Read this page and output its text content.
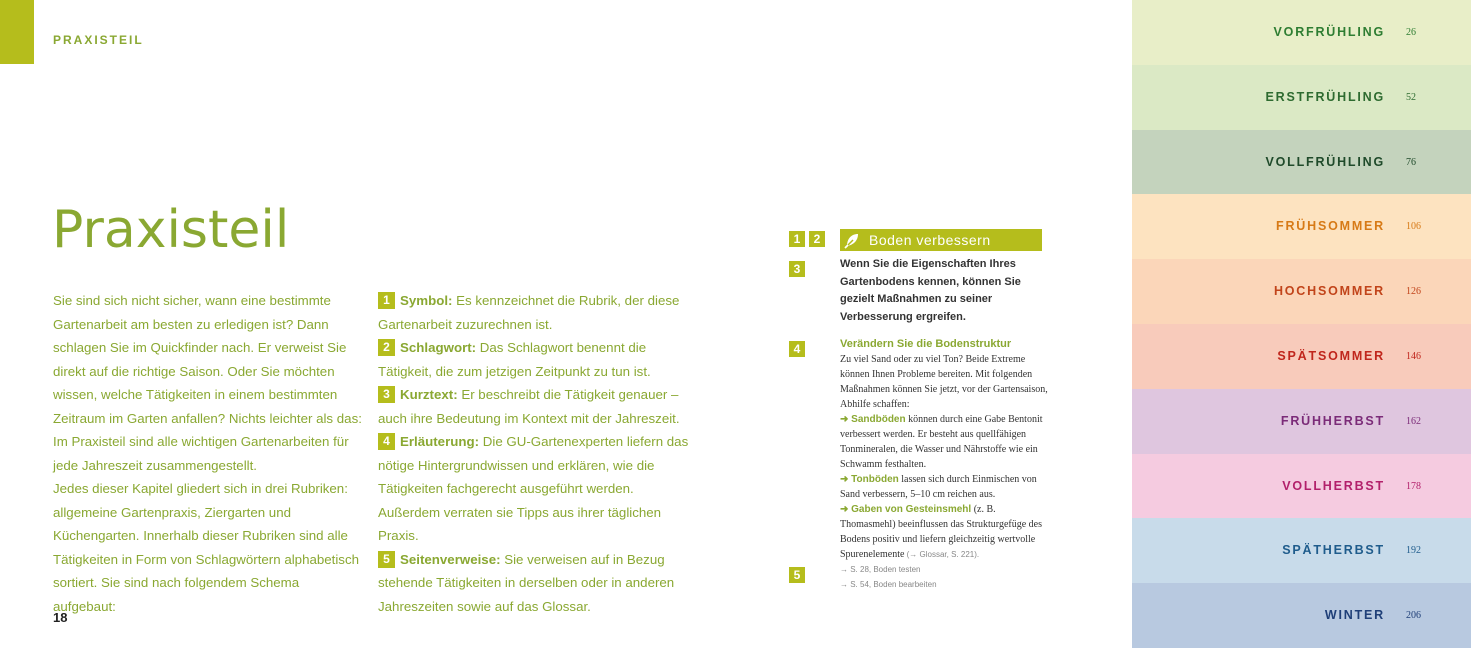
PRAXISTEIL
Praxisteil

Sie sind sich nicht sicher, wann eine bestimmte Gartenarbeit am besten zu erledigen ist? Dann schlagen Sie im Quickfinder nach. Er verweist Sie direkt auf die richtige Saison. Oder Sie möchten wissen, welche Tätigkeiten in einem bestimmten Zeitraum im Garten anfallen? Nichts leichter als das: Im Praxisteil sind alle wichtigen Gartenarbeiten für jede Jahreszeit zusammengestellt.

Jedes dieser Kapitel gliedert sich in drei Rubriken: allgemeine Gartenpraxis, Ziergarten und Küchengarten. Innerhalb dieser Rubriken sind alle Tätigkeiten in Form von Schlagwörtern alphabetisch sortiert. Sie sind nach folgendem Schema aufgebaut:

1 Symbol: Es kennzeichnet die Rubrik, der diese Gartenarbeit zuzurechnen ist.

2 Schlagwort: Das Schlagwort benennt die Tätigkeit, die zum jetzigen Zeitpunkt zu tun ist.

3 Kurztext: Er beschreibt die Tätigkeit genauer – auch ihre Bedeutung im Kontext mit der Jahreszeit.

4 Erläuterung: Die GU-Gartenexperten liefern das nötige Hintergrundwissen und erklären, wie die Tätigkeiten fachgerecht ausgeführt werden. Außerdem verraten sie Tipps aus ihrer täglichen Praxis.

5 Seitenverweise: Sie verweisen auf in Bezug stehende Tätigkeiten in derselben oder in anderen Jahreszeiten sowie auf das Glossar.

18
1	2
3
4
5
Boden verbessern
Wenn Sie die Eigenschaften Ihres Gartenbodens kennen, können Sie gezielt Maßnahmen zu seiner Verbesserung ergreifen.

Verändern Sie die Bodenstruktur

Zu viel Sand oder zu viel Ton? Beide Extreme können Ihnen Probleme bereiten. Mit folgenden Maßnahmen können Sie jetzt, vor der Gartensaison, Abhilfe schaffen:

➜ Sandböden können durch eine Gabe Bentonit verbessert werden. Er besteht aus quellfähigen Tonmineralen, die Wasser und Nährstoffe wie ein Schwamm festhalten.

➜ Tonböden lassen sich durch Einmischen von Sand verbessern, 5–10 cm reichen aus.

➜ Gaben von Gesteinsmehl (z. B. Thomasmehl) beeinflussen das Strukturgefüge des Bodens positiv und liefern gleichzeitig wertvolle Spurenelemente (→ Glossar, S. 221).

→ S. 28, Boden testen

→ S. 54, Boden bearbeiten

VORFRÜHLING 26
ERSTFRÜHLING 52
VOLLFRÜHLING 76
FRÜHSOMMER 106
HOCHSOMMER 126
SPÄTSOMMER 146
FRÜHHERBST 162
VOLLHERBST 178
SPÄTHERBST 192
WINTER 206
